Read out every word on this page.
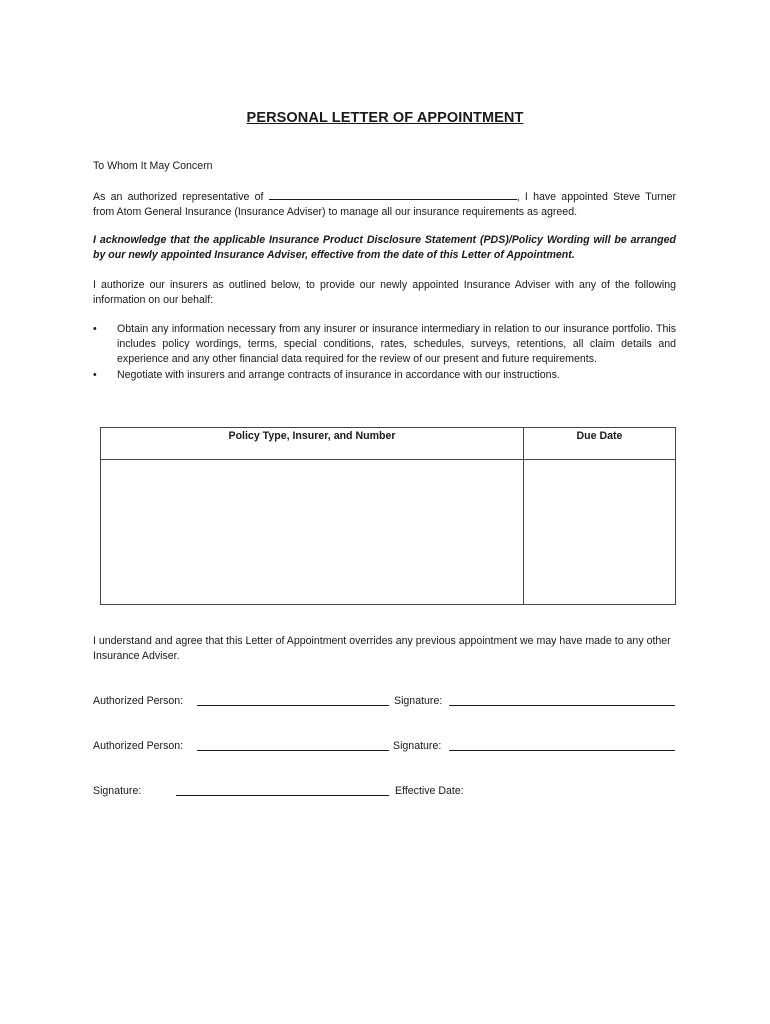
PERSONAL LETTER OF APPOINTMENT
To Whom It May Concern
As an authorized representative of	, I have appointed Steve Turner from Atom General Insurance (Insurance Adviser) to manage all our insurance requirements as agreed.
I acknowledge that the applicable Insurance Product Disclosure Statement (PDS)/Policy Wording will be arranged by our newly appointed Insurance Adviser, effective from the date of this Letter of Appointment.
I authorize our insurers as outlined below, to provide our newly appointed Insurance Adviser with any of the following information on our behalf:
• Obtain any information necessary from any insurer or insurance intermediary in relation to our insurance portfolio. This includes policy wordings, terms, special conditions, rates, schedules, surveys, retentions, all claim details and experience and any other financial data required for the review of our present and future requirements.
• Negotiate with insurers and arrange contracts of insurance in accordance with our instructions.
Policy Type, Insurer, and Number	Due Date

I understand and agree that this Letter of Appointment overrides any previous appointment we may have made to any other Insurance Adviser.
Authorized Person:	Signature:
Authorized Person:	Signature:
Signature:	Effective Date:
